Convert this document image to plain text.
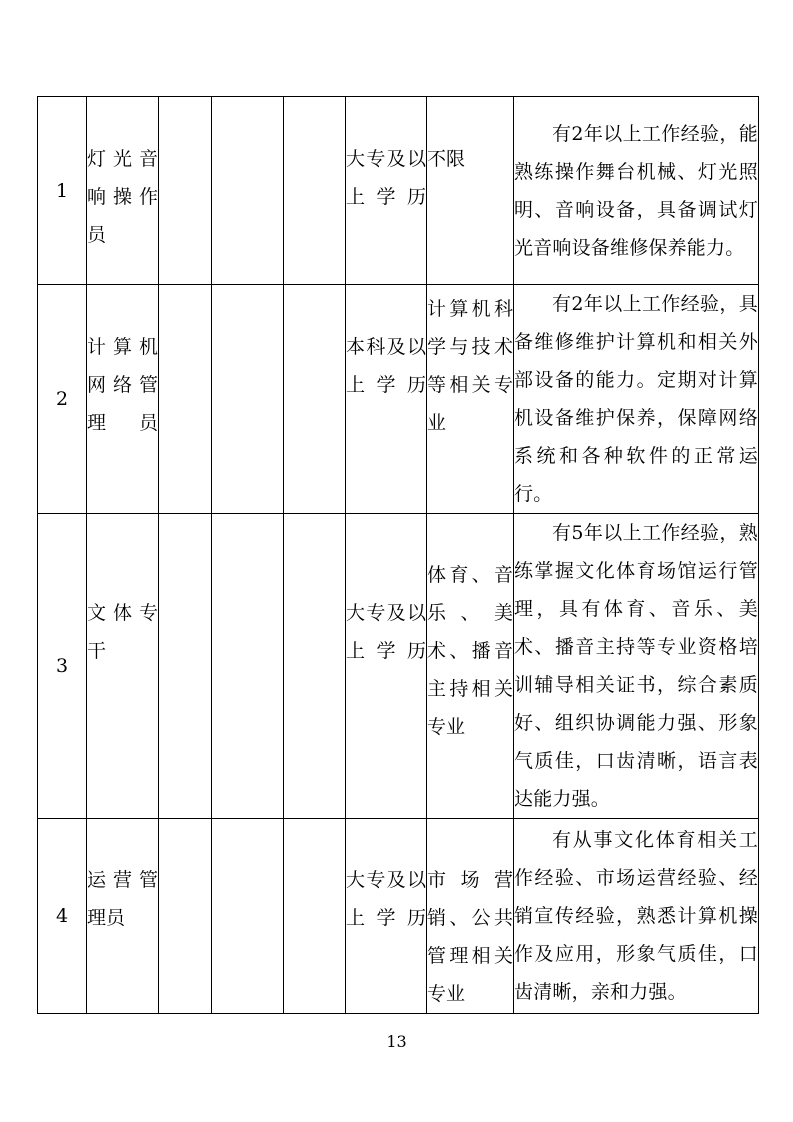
1	灯光音响操作员				大专及以上学历	不限	有2年以上工作经验，能熟练操作舞台机械、灯光照明、音响设备，具备调试灯光音响设备维修保养能力。
2	计算机网络管理员				本科及以上学历	计算机科学与技术等相关专业	有2年以上工作经验，具备维修维护计算机和相关外部设备的能力。定期对计算机设备维护保养，保障网络系统和各种软件的正常运行。
3	文体专干				大专及以上学历	体育、音乐、美术、播音主持相关专业	有5年以上工作经验，熟练掌握文化体育场馆运行管理，具有体育、音乐、美术、播音主持等专业资格培训辅导相关证书，综合素质好、组织协调能力强、形象气质佳，口齿清晰，语言表达能力强。
4	运营管理员				大专及以上学历	市场营销、公共管理相关专业	有从事文化体育相关工作经验、市场运营经验、经销宣传经验，熟悉计算机操作及应用，形象气质佳，口齿清晰，亲和力强。
13
